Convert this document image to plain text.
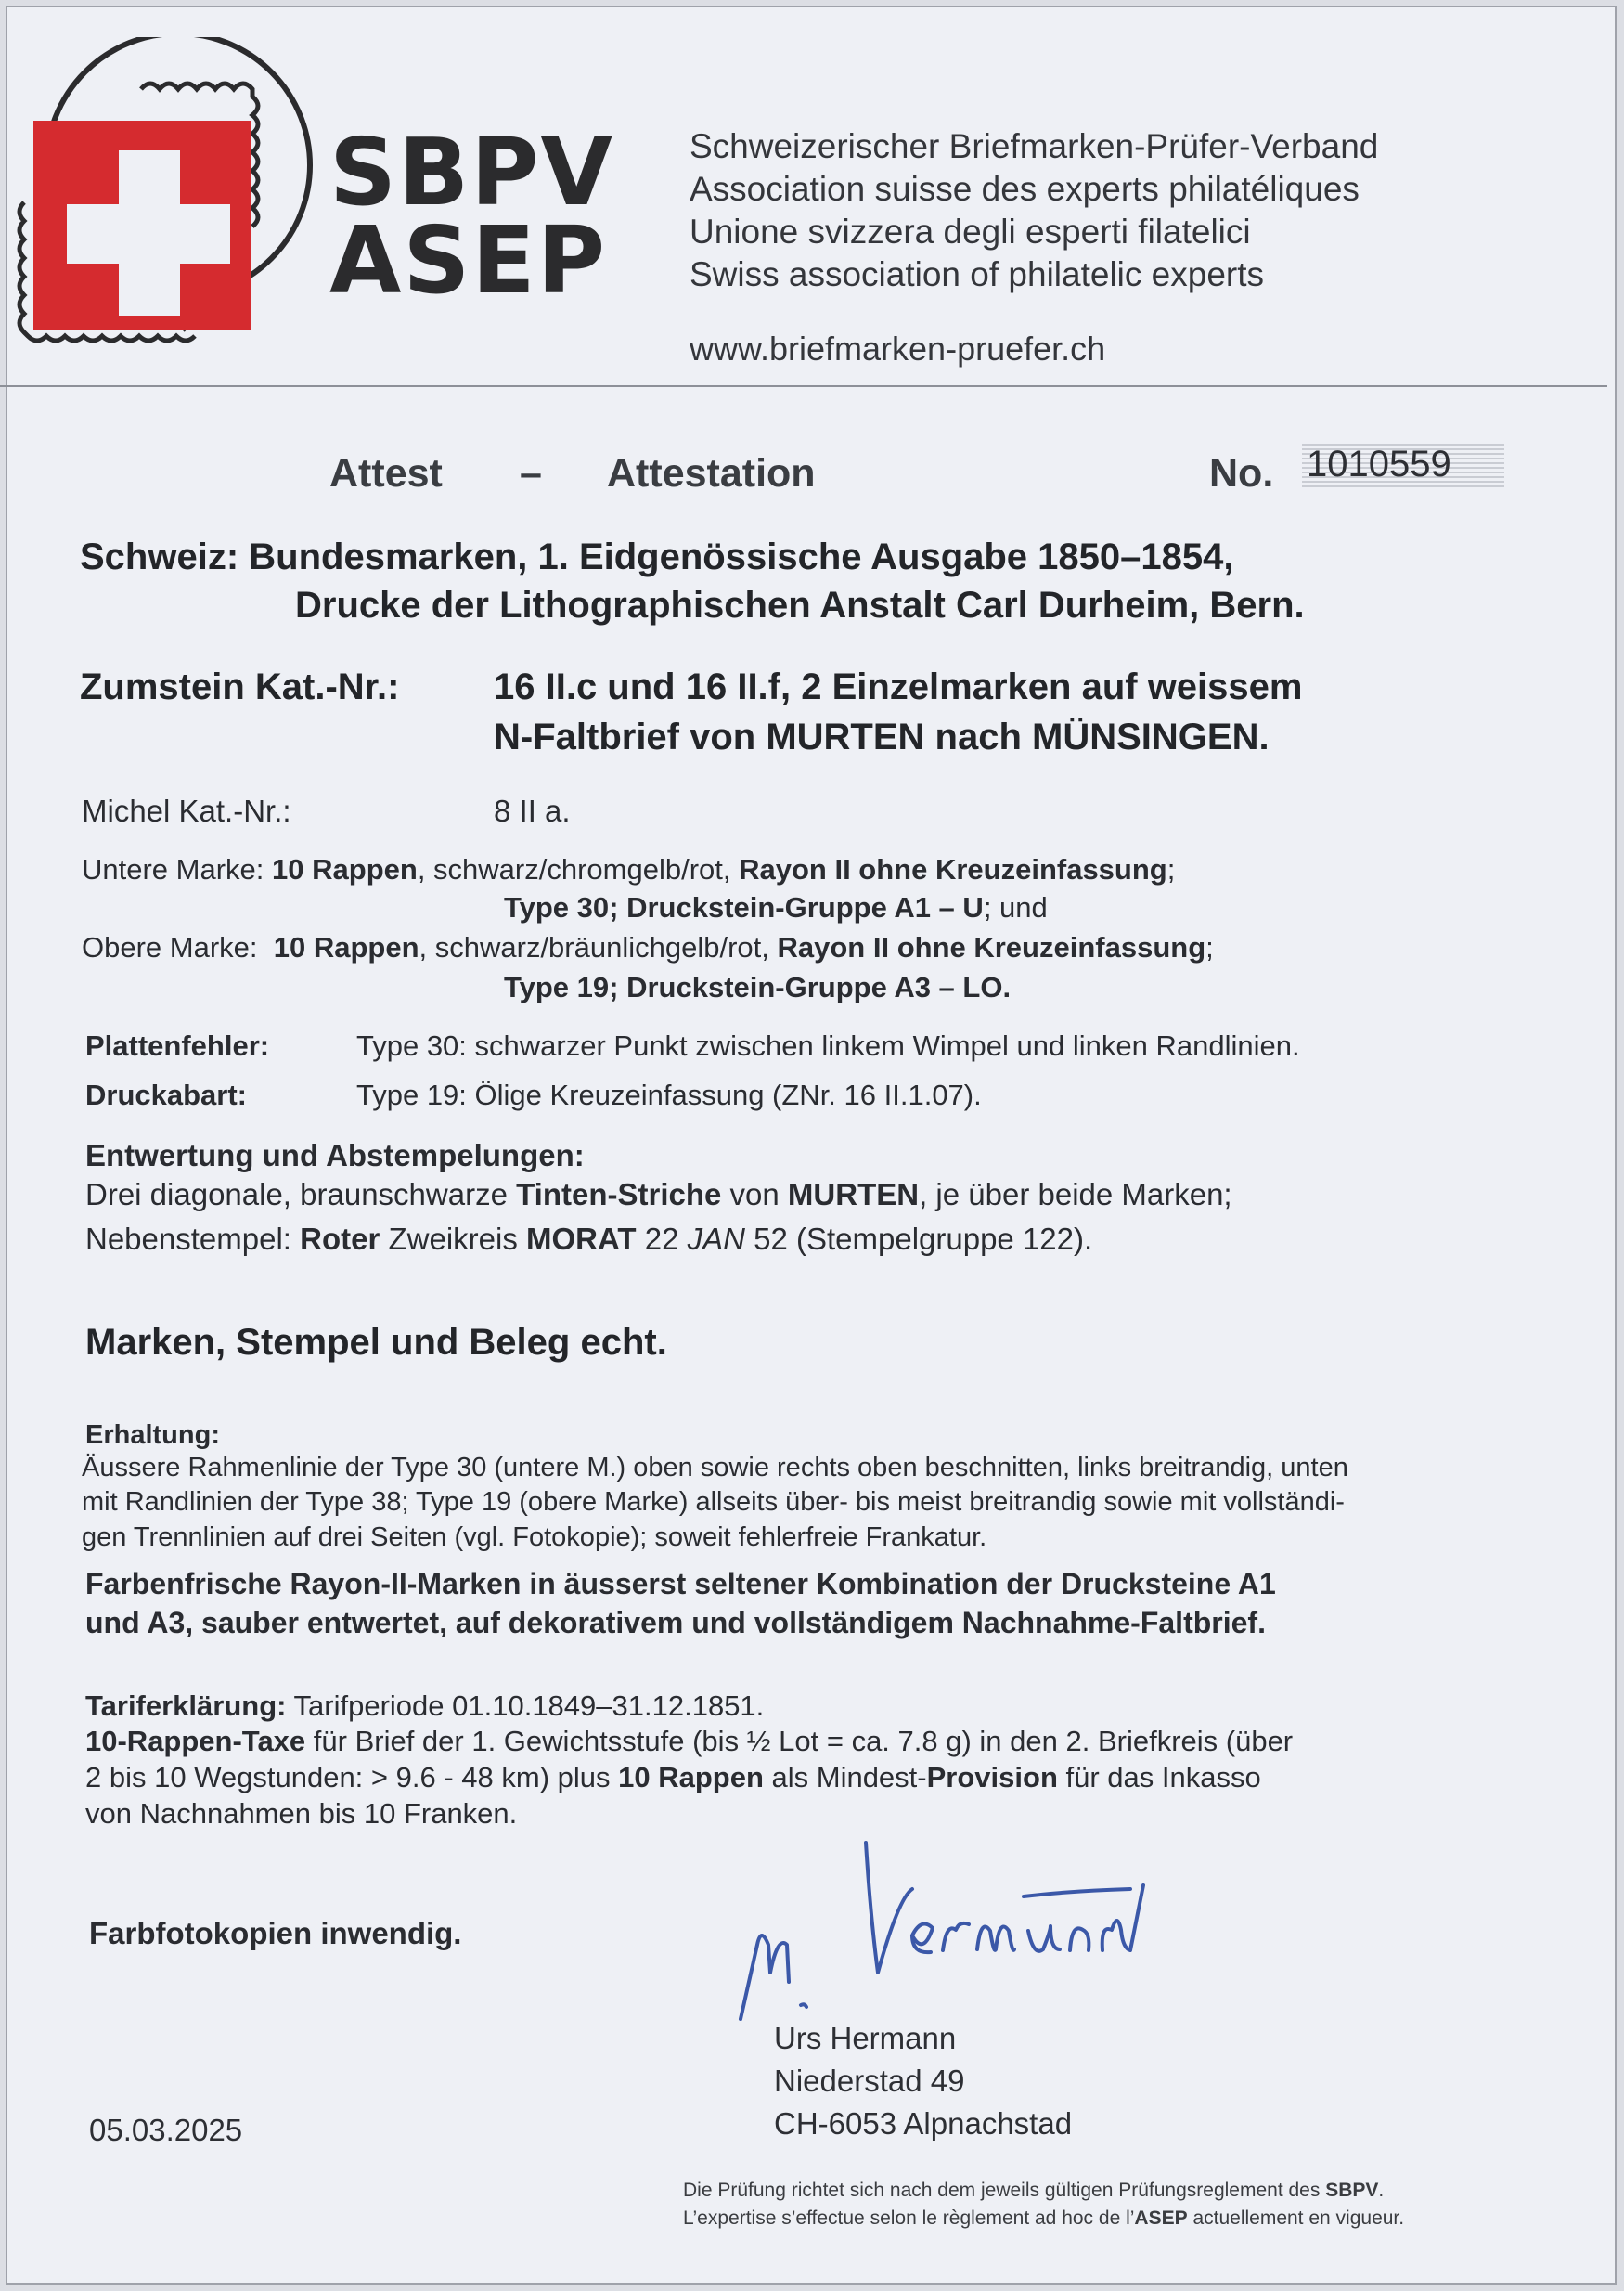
SBPV
ASEP
Schweizerischer Briefmarken-Prüfer-Verband
Association suisse des experts philatéliques
Unione svizzera degli esperti filatelici
Swiss association of philatelic experts
www.briefmarken-pruefer.ch
Attest – Attestation	No. 1010559
Schweiz: Bundesmarken, 1. Eidgenössische Ausgabe 1850–1854,
Drucke der Lithographischen Anstalt Carl Durheim, Bern.
Zumstein Kat.-Nr.:	16 II.c und 16 II.f, 2 Einzelmarken auf weissem
N-Faltbrief von MURTEN nach MÜNSINGEN.
Michel Kat.-Nr.:	8 II a.
Untere Marke: 10 Rappen, schwarz/chromgelb/rot, Rayon II ohne Kreuzeinfassung;
Type 30; Druckstein-Gruppe A1 – U; und
Obere Marke: 10 Rappen, schwarz/bräunlichgelb/rot, Rayon II ohne Kreuzeinfassung;
Type 19; Druckstein-Gruppe A3 – LO.
Plattenfehler:	Type 30: schwarzer Punkt zwischen linkem Wimpel und linken Randlinien.
Druckabart:	Type 19: Ölige Kreuzeinfassung (ZNr. 16 II.1.07).
Entwertung und Abstempelungen:
Drei diagonale, braunschwarze Tinten-Striche von MURTEN, je über beide Marken;
Nebenstempel: Roter Zweikreis MORAT 22 JAN 52 (Stempelgruppe 122).
Marken, Stempel und Beleg echt.
Erhaltung:
Äussere Rahmenlinie der Type 30 (untere M.) oben sowie rechts oben beschnitten, links breitrandig, unten
mit Randlinien der Type 38; Type 19 (obere Marke) allseits über- bis meist breitrandig sowie mit vollständi-
gen Trennlinien auf drei Seiten (vgl. Fotokopie); soweit fehlerfreie Frankatur.
Farbenfrische Rayon-II-Marken in äusserst seltener Kombination der Drucksteine A1
und A3, sauber entwertet, auf dekorativem und vollständigem Nachnahme-Faltbrief.
Tariferklärung: Tarifperiode 01.10.1849–31.12.1851.
10-Rappen-Taxe für Brief der 1. Gewichtsstufe (bis ½ Lot = ca. 7.8 g) in den 2. Briefkreis (über
2 bis 10 Wegstunden: > 9.6 - 48 km) plus 10 Rappen als Mindest-Provision für das Inkasso
von Nachnahmen bis 10 Franken.
Farbfotokopien inwendig.
Urs Hermann
Niederstad 49
CH-6053 Alpnachstad
05.03.2025
Die Prüfung richtet sich nach dem jeweils gültigen Prüfungsreglement des SBPV.
L’expertise s’effectue selon le règlement ad hoc de l’ASEP actuellement en vigueur.
